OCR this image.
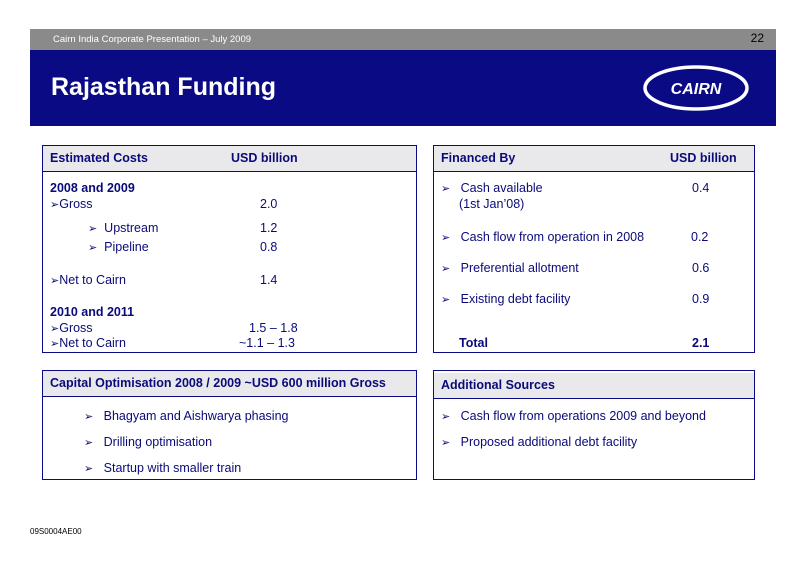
Cairn India Corporate Presentation – July 2009	22
Rajasthan Funding	CAIRN
Estimated Costs	USD billion
2008 and 2009
➢Gross	2.0
➢ Upstream	1.2
➢ Pipeline	0.8
➢Net to Cairn	1.4
2010 and 2011
➢Gross	1.5 – 1.8
➢Net to Cairn	~1.1 – 1.3
Financed By	USD billion
➢ Cash available	0.4
(1st Jan’08)
➢ Cash flow from operation in 2008	0.2
➢ Preferential allotment	0.6
➢ Existing debt facility	0.9
Total	2.1
Capital Optimisation 2008 / 2009 ~USD 600 million Gross
➢ Bhagyam and Aishwarya phasing
➢ Drilling optimisation
➢ Startup with smaller train
Additional Sources
➢ Cash flow from operations 2009 and beyond
➢ Proposed additional debt facility
09S0004AE00
